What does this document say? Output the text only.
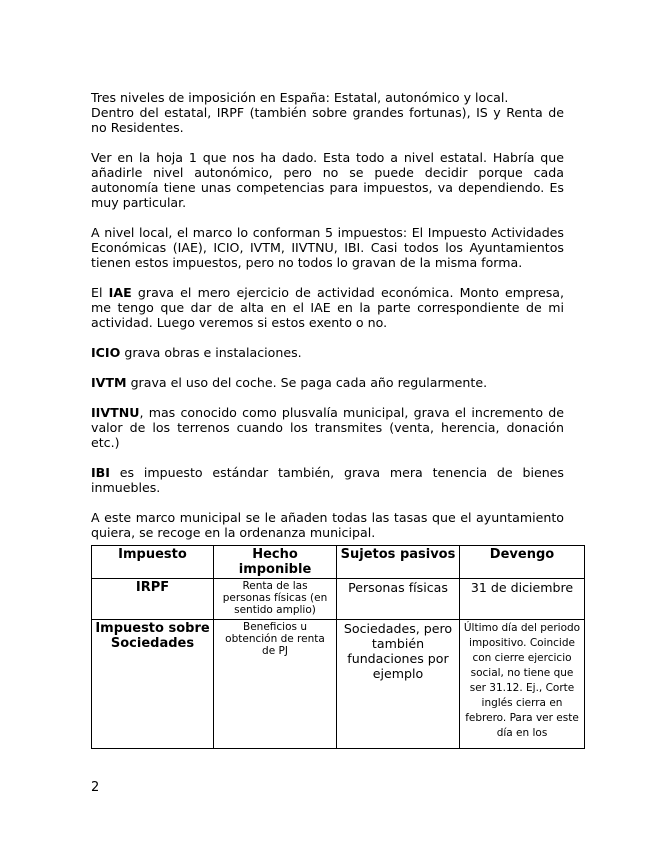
Tres niveles de imposición en España: Estatal, autonómico y local.
Dentro del estatal, IRPF (también sobre grandes fortunas), IS y Renta de no Residentes.

Ver en la hoja 1 que nos ha dado. Esta todo a nivel estatal. Habría que añadirle nivel autonómico, pero no se puede decidir porque cada autonomía tiene unas competencias para impuestos, va dependiendo. Es muy particular.

A nivel local, el marco lo conforman 5 impuestos: El Impuesto Actividades Económicas (IAE), ICIO, IVTM, IIVTNU, IBI. Casi todos los Ayuntamientos tienen estos impuestos, pero no todos lo gravan de la misma forma.

El IAE grava el mero ejercicio de actividad económica. Monto empresa, me tengo que dar de alta en el IAE en la parte correspondiente de mi actividad. Luego veremos si estos exento o no.

ICIO grava obras e instalaciones.

IVTM grava el uso del coche. Se paga cada año regularmente.

IIVTNU, mas conocido como plusvalía municipal, grava el incremento de valor de los terrenos cuando los transmites (venta, herencia, donación etc.)

IBI es impuesto estándar también, grava mera tenencia de bienes inmuebles.

A este marco municipal se le añaden todas las tasas que el ayuntamiento quiera, se recoge en la ordenanza municipal.

Impuesto	Hecho imponible	Sujetos pasivos	Devengo
IRPF	Renta de las personas físicas (en sentido amplio)	Personas físicas	31 de diciembre
Impuesto sobre Sociedades	Beneficios u obtención de renta de PJ	Sociedades, pero también fundaciones por ejemplo	Último día del periodo impositivo. Coincide con cierre ejercicio social, no tiene que ser 31.12. Ej., Corte inglés cierra en febrero. Para ver este día en los
2
